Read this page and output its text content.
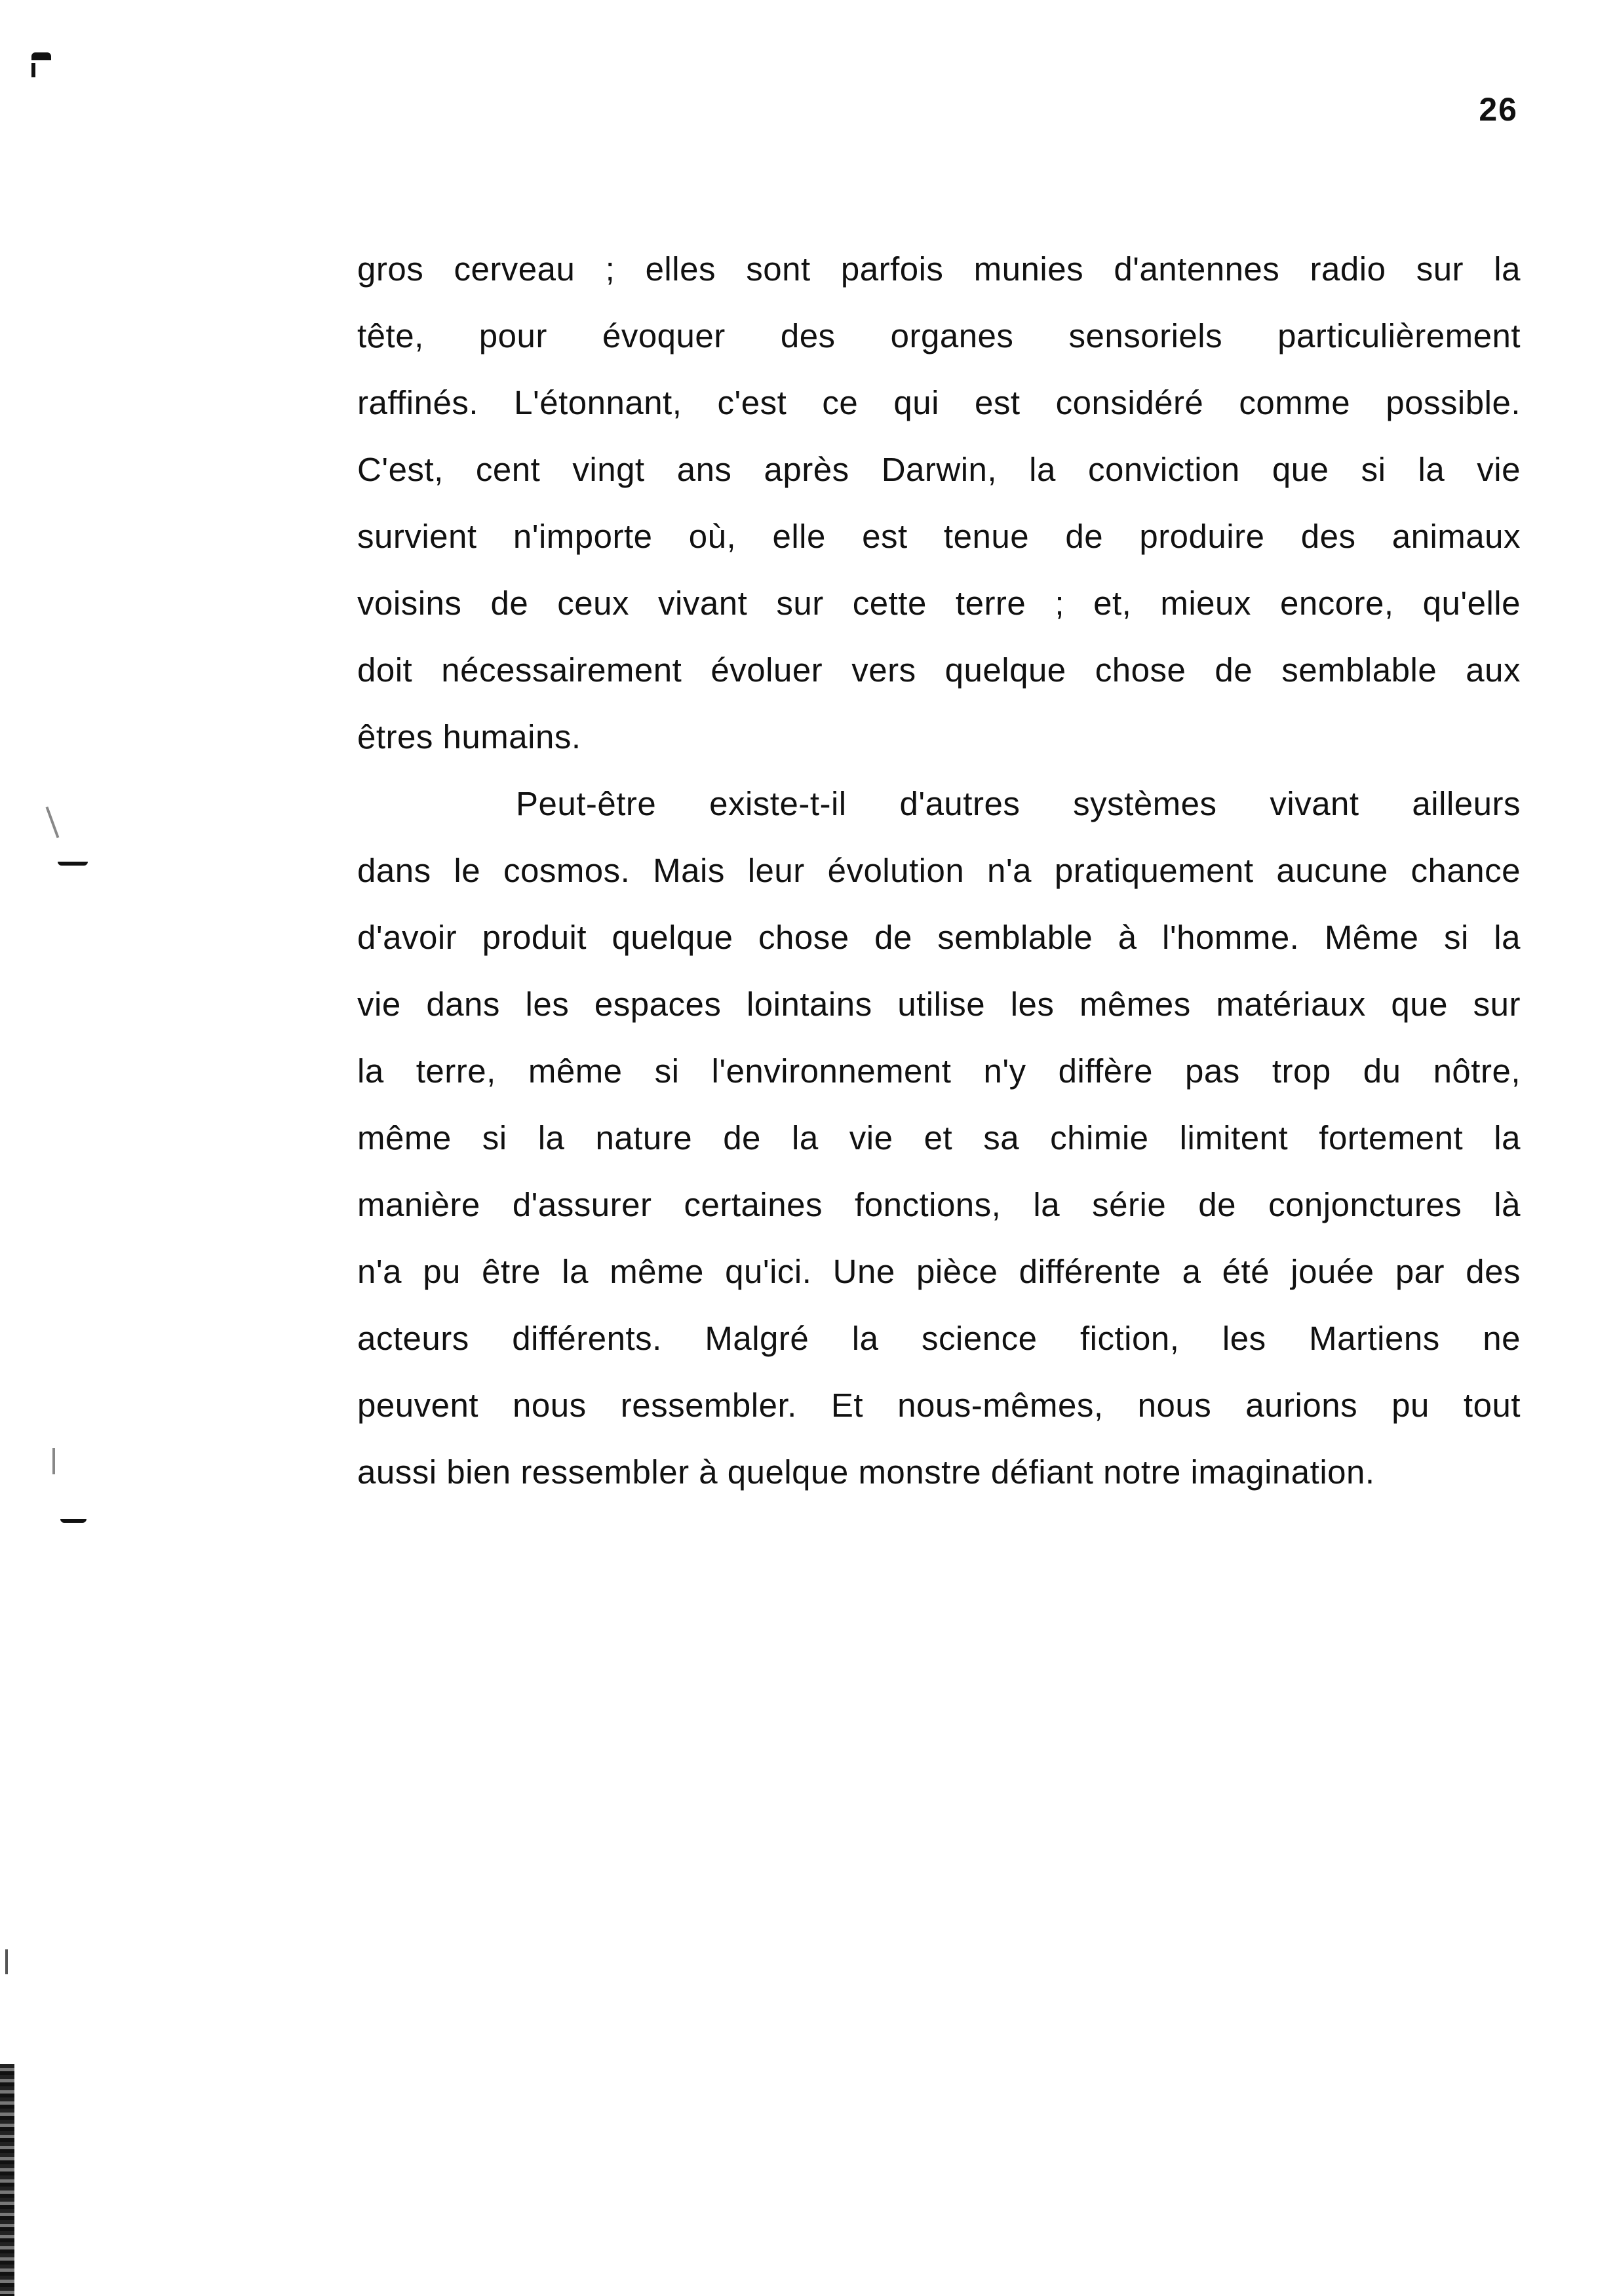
26
gros cerveau ; elles sont parfois munies d'antennes radio sur la
tête, pour évoquer des organes sensoriels particulièrement
raffinés. L'étonnant, c'est ce qui est considéré comme possible.
C'est, cent vingt ans après Darwin, la conviction que si la vie
survient n'importe où, elle est tenue de produire des animaux
voisins de ceux vivant sur cette terre ; et, mieux encore, qu'elle
doit nécessairement évoluer vers quelque chose de semblable aux
êtres humains.
Peut-être existe-t-il d'autres systèmes vivant ailleurs
dans le cosmos. Mais leur évolution n'a pratiquement aucune chance
d'avoir produit quelque chose de semblable à l'homme. Même si la
vie dans les espaces lointains utilise les mêmes matériaux que sur
la terre, même si l'environnement n'y diffère pas trop du nôtre,
même si la nature de la vie et sa chimie limitent fortement la
manière d'assurer certaines fonctions, la série de conjonctures là
n'a pu être la même qu'ici. Une pièce différente a été jouée par des
acteurs différents. Malgré la science fiction, les Martiens ne
peuvent nous ressembler. Et nous-mêmes, nous aurions pu tout
aussi bien ressembler à quelque monstre défiant notre imagination.
